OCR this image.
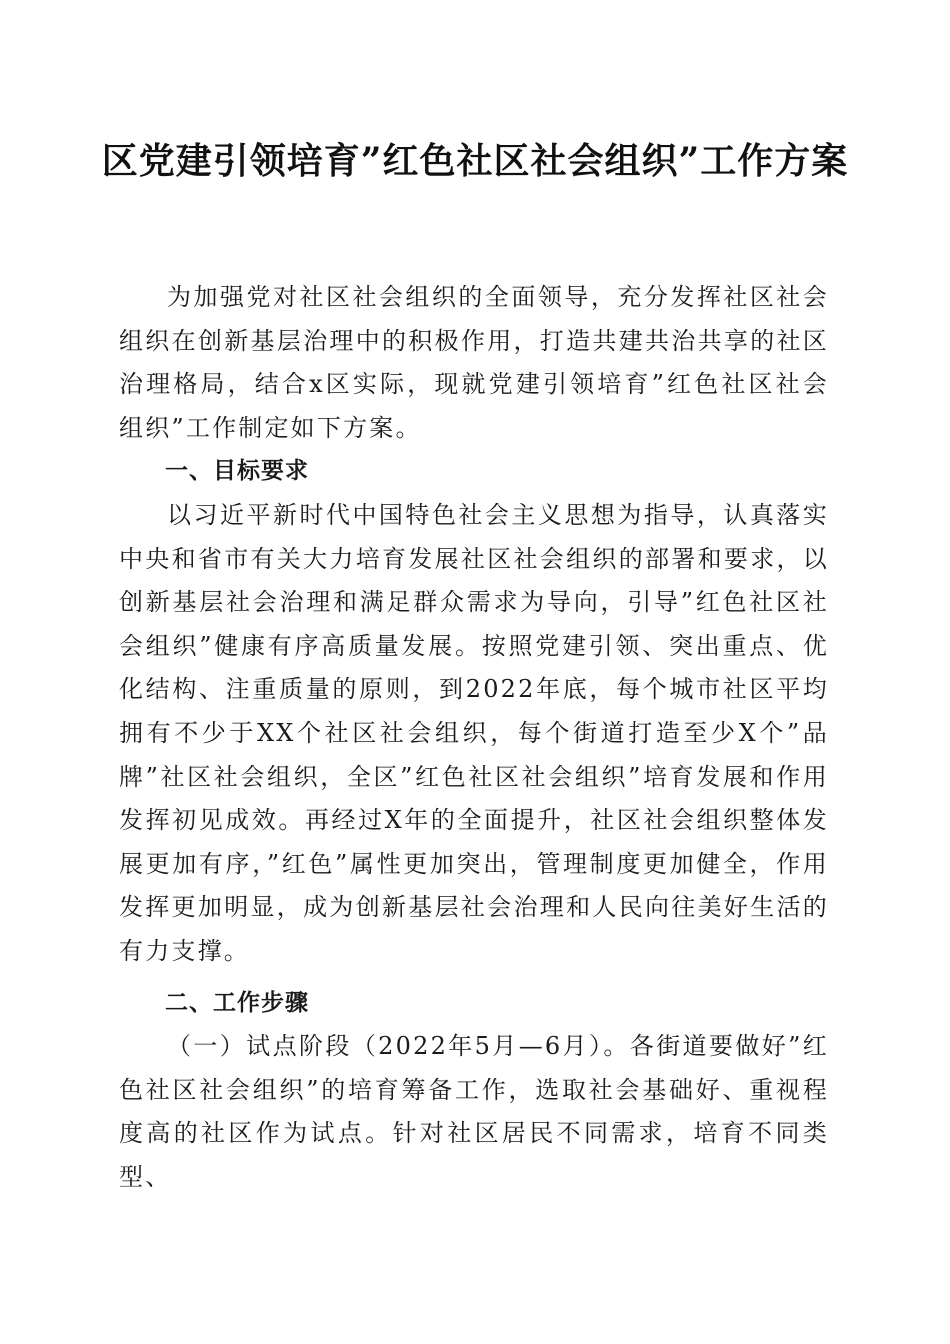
区党建引领培育”红色社区社会组织”工作方案

为加强党对社区社会组织的全面领导，充分发挥社区社会组织在创新基层治理中的积极作用，打造共建共治共享的社区治理格局，结合x区实际，现就党建引领培育”红色社区社会组织”工作制定如下方案。

一、目标要求

以习近平新时代中国特色社会主义思想为指导，认真落实中央和省市有关大力培育发展社区社会组织的部署和要求，以创新基层社会治理和满足群众需求为导向，引导”红色社区社会组织”健康有序高质量发展。按照党建引领、突出重点、优化结构、注重质量的原则，到2022年底，每个城市社区平均拥有不少于XX个社区社会组织，每个街道打造至少X个”品牌”社区社会组织，全区”红色社区社会组织”培育发展和作用发挥初见成效。再经过X年的全面提升，社区社会组织整体发展更加有序，”红色”属性更加突出，管理制度更加健全，作用发挥更加明显，成为创新基层社会治理和人民向往美好生活的有力支撑。

二、工作步骤

（一）试点阶段（2022年5月—6月）。各街道要做好”红色社区社会组织”的培育筹备工作，选取社会基础好、重视程度高的社区作为试点。针对社区居民不同需求，培育不同类型、
